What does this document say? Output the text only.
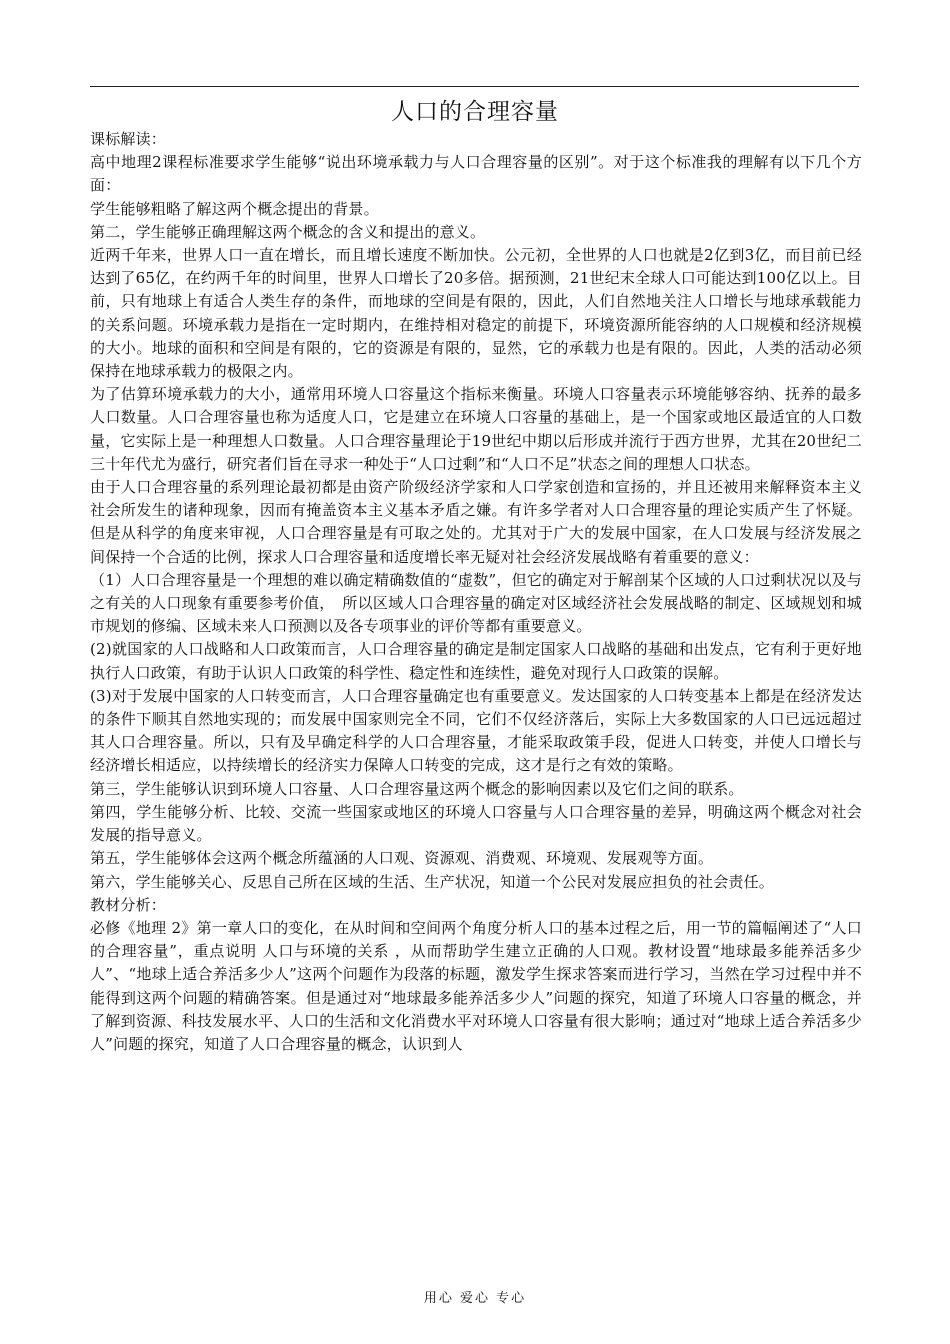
人口的合理容量

课标解读：

高中地理2课程标准要求学生能够“说出环境承载力与人口合理容量的区别”。对于这个标准我的理解有以下几个方面：

学生能够粗略了解这两个概念提出的背景。

第二，学生能够正确理解这两个概念的含义和提出的意义。

近两千年来，世界人口一直在增长，而且增长速度不断加快。公元初，全世界的人口也就是2亿到3亿，而目前已经达到了65亿，在约两千年的时间里，世界人口增长了20多倍。据预测，21世纪末全球人口可能达到100亿以上。目前，只有地球上有适合人类生存的条件，而地球的空间是有限的，因此，人们自然地关注人口增长与地球承载能力的关系问题。环境承载力是指在一定时期内，在维持相对稳定的前提下，环境资源所能容纳的人口规模和经济规模的大小。地球的面积和空间是有限的，它的资源是有限的，显然，它的承载力也是有限的。因此，人类的活动必须保持在地球承载力的极限之内。

为了估算环境承载力的大小，通常用环境人口容量这个指标来衡量。环境人口容量表示环境能够容纳、抚养的最多人口数量。人口合理容量也称为适度人口，它是建立在环境人口容量的基础上，是一个国家或地区最适宜的人口数量，它实际上是一种理想人口数量。人口合理容量理论于19世纪中期以后形成并流行于西方世界，尤其在20世纪二三十年代尤为盛行，研究者们旨在寻求一种处于“人口过剩”和“人口不足”状态之间的理想人口状态。

由于人口合理容量的系列理论最初都是由资产阶级经济学家和人口学家创造和宣扬的，并且还被用来解释资本主义社会所发生的诸种现象，因而有掩盖资本主义基本矛盾之嫌。有许多学者对人口合理容量的理论实质产生了怀疑。但是从科学的角度来审视，人口合理容量是有可取之处的。尤其对于广大的发展中国家，在人口发展与经济发展之间保持一个合适的比例，探求人口合理容量和适度增长率无疑对社会经济发展战略有着重要的意义：

（1）人口合理容量是一个理想的难以确定精确数值的“虚数”，但它的确定对于解剖某个区域的人口过剩状况以及与之有关的人口现象有重要参考价值，　所以区域人口合理容量的确定对区域经济社会发展战略的制定、区域规划和城市规划的修编、区域未来人口预测以及各专项事业的评价等都有重要意义。

(2)就国家的人口战略和人口政策而言，人口合理容量的确定是制定国家人口战略的基础和出发点，它有利于更好地执行人口政策，有助于认识人口政策的科学性、稳定性和连续性，避免对现行人口政策的误解。

(3)对于发展中国家的人口转变而言，人口合理容量确定也有重要意义。发达国家的人口转变基本上都是在经济发达的条件下顺其自然地实现的；而发展中国家则完全不同，它们不仅经济落后，实际上大多数国家的人口已远远超过其人口合理容量。所以，只有及早确定科学的人口合理容量，才能采取政策手段，促进人口转变，并使人口增长与经济增长相适应，以持续增长的经济实力保障人口转变的完成，这才是行之有效的策略。

第三，学生能够认识到环境人口容量、人口合理容量这两个概念的影响因素以及它们之间的联系。

第四，学生能够分析、比较、交流一些国家或地区的环境人口容量与人口合理容量的差异，明确这两个概念对社会发展的指导意义。

第五，学生能够体会这两个概念所蕴涵的人口观、资源观、消费观、环境观、发展观等方面。

第六，学生能够关心、反思自己所在区域的生活、生产状况，知道一个公民对发展应担负的社会责任。

教材分析：

必修《地理 2》第一章人口的变化，在从时间和空间两个角度分析人口的基本过程之后，用一节的篇幅阐述了“人口的合理容量”，重点说明 人口与环境的关系 ，从而帮助学生建立正确的人口观。教材设置“地球最多能养活多少人”、“地球上适合养活多少人”这两个问题作为段落的标题，激发学生探求答案而进行学习，当然在学习过程中并不能得到这两个问题的精确答案。但是通过对“地球最多能养活多少人”问题的探究，知道了环境人口容量的概念，并了解到资源、科技发展水平、人口的生活和文化消费水平对环境人口容量有很大影响；通过对“地球上适合养活多少人”问题的探究，知道了人口合理容量的概念，认识到人

用心 爱心 专心
